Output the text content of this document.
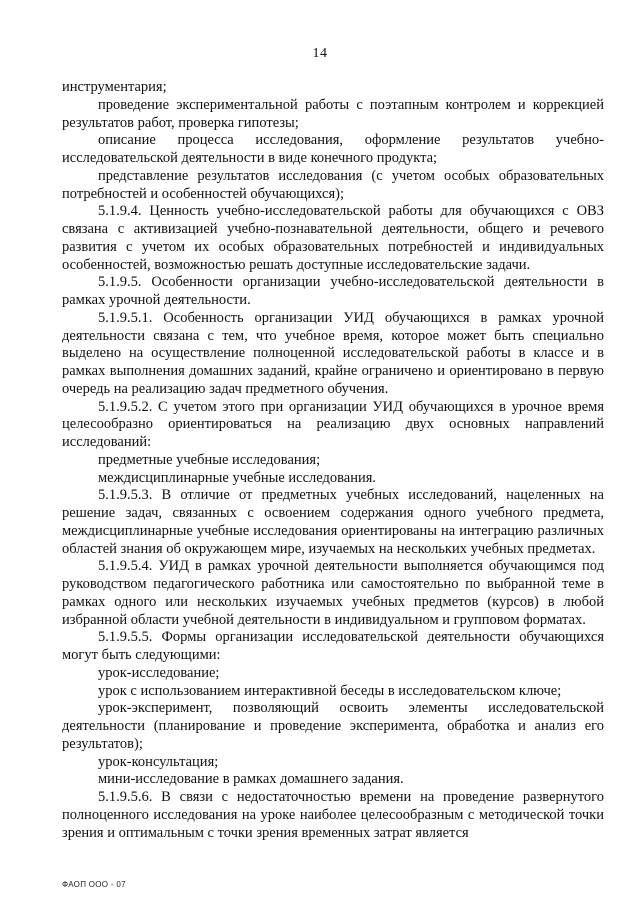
14

инструментария;

проведение экспериментальной работы с поэтапным контролем и коррекцией результатов работ, проверка гипотезы;

описание процесса исследования, оформление результатов учебно-исследовательской деятельности в виде конечного продукта;

представление результатов исследования (с учетом особых образовательных потребностей и особенностей обучающихся);

5.1.9.4. Ценность учебно-исследовательской работы для обучающихся с ОВЗ связана с активизацией учебно-познавательной деятельности, общего и речевого развития с учетом их особых образовательных потребностей и индивидуальных особенностей, возможностью решать доступные исследовательские задачи.

5.1.9.5. Особенности организации учебно-исследовательской деятельности в рамках урочной деятельности.

5.1.9.5.1. Особенность организации УИД обучающихся в рамках урочной деятельности связана с тем, что учебное время, которое может быть специально выделено на осуществление полноценной исследовательской работы в классе и в рамках выполнения домашних заданий, крайне ограничено и ориентировано в первую очередь на реализацию задач предметного обучения.

5.1.9.5.2. С учетом этого при организации УИД обучающихся в урочное время целесообразно ориентироваться на реализацию двух основных направлений исследований:

предметные учебные исследования;

междисциплинарные учебные исследования.

5.1.9.5.3. В отличие от предметных учебных исследований, нацеленных на решение задач, связанных с освоением содержания одного учебного предмета, междисциплинарные учебные исследования ориентированы на интеграцию различных областей знания об окружающем мире, изучаемых на нескольких учебных предметах.

5.1.9.5.4. УИД в рамках урочной деятельности выполняется обучающимся под руководством педагогического работника или самостоятельно по выбранной теме в рамках одного или нескольких изучаемых учебных предметов (курсов) в любой избранной области учебной деятельности в индивидуальном и групповом форматах.

5.1.9.5.5. Формы организации исследовательской деятельности обучающихся могут быть следующими:

урок-исследование;

урок с использованием интерактивной беседы в исследовательском ключе;

урок-эксперимент, позволяющий освоить элементы исследовательской деятельности (планирование и проведение эксперимента, обработка и анализ его результатов);

урок-консультация;

мини-исследование в рамках домашнего задания.

5.1.9.5.6. В связи с недостаточностью времени на проведение развернутого полноценного исследования на уроке наиболее целесообразным с методической точки зрения и оптимальным с точки зрения временных затрат является

ФАОП ООО - 07
